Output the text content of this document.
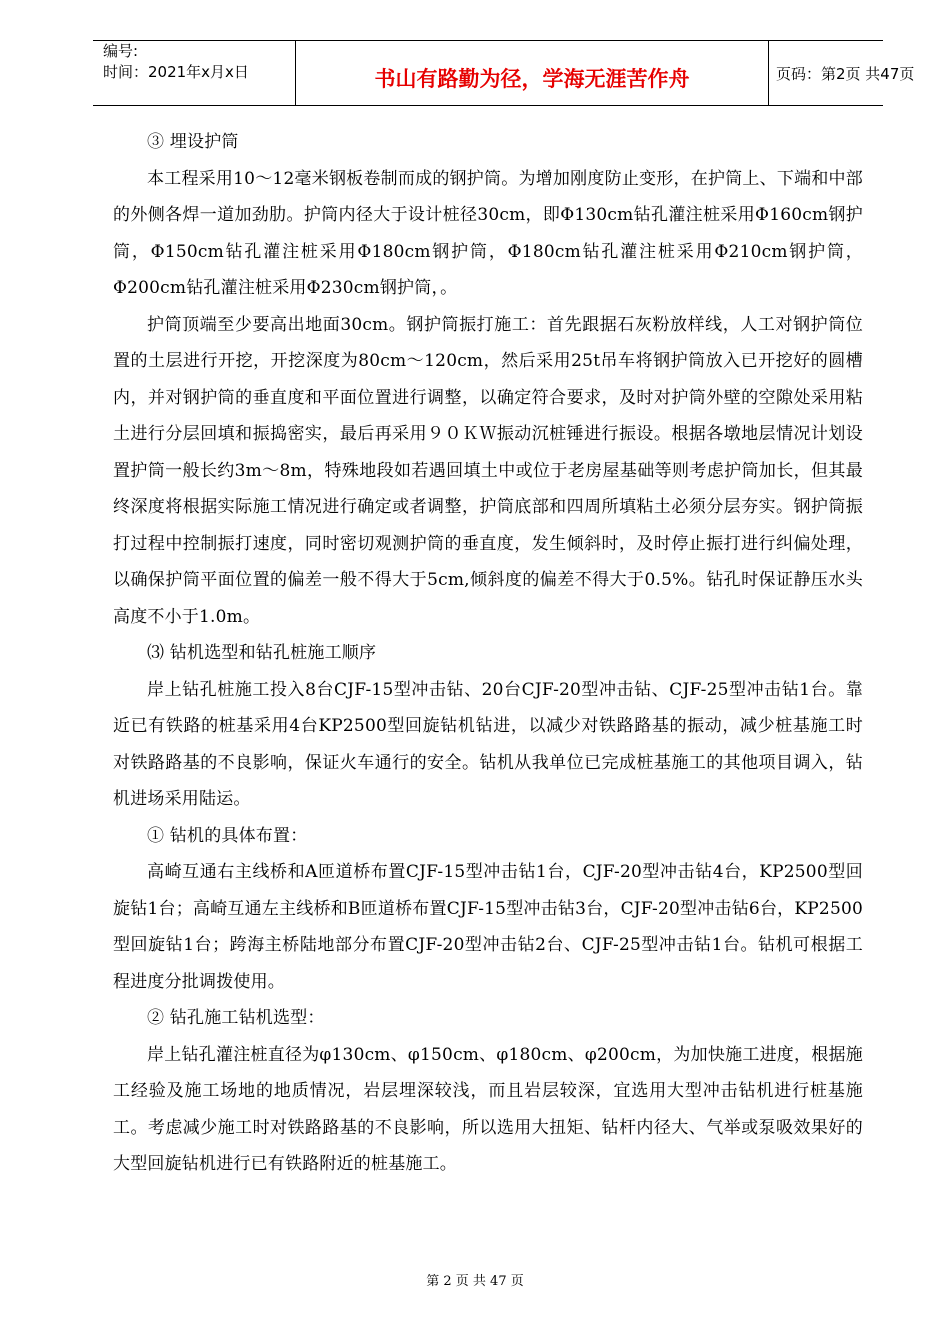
编号:
时间：2021年x月x日	书山有路勤为径，学海无涯苦作舟	页码：第2页 共47页

③ 埋设护筒

本工程采用10～12毫米钢板卷制而成的钢护筒。为增加刚度防止变形，在护筒上、下端和中部的外侧各焊一道加劲肋。护筒内径大于设计桩径30cm，即Φ130cm钻孔灌注桩采用Φ160cm钢护筒，Φ150cm钻孔灌注桩采用Φ180cm钢护筒，Φ180cm钻孔灌注桩采用Φ210cm钢护筒，Φ200cm钻孔灌注桩采用Φ230cm钢护筒，。

护筒顶端至少要高出地面30cm。钢护筒振打施工：首先跟据石灰粉放样线，人工对钢护筒位置的土层进行开挖，开挖深度为80cm～120cm，然后采用25t吊车将钢护筒放入已开挖好的圆槽内，并对钢护筒的垂直度和平面位置进行调整，以确定符合要求，及时对护筒外壁的空隙处采用粘土进行分层回填和振捣密实，最后再采用９０ＫＷ振动沉桩锤进行振设。根据各墩地层情况计划设置护筒一般长约3m～8m，特殊地段如若遇回填土中或位于老房屋基础等则考虑护筒加长，但其最终深度将根据实际施工情况进行确定或者调整，护筒底部和四周所填粘土必须分层夯实。钢护筒振打过程中控制振打速度，同时密切观测护筒的垂直度，发生倾斜时，及时停止振打进行纠偏处理，以确保护筒平面位置的偏差一般不得大于5cm,倾斜度的偏差不得大于0.5%。钻孔时保证静压水头高度不小于1.0m。

⑶ 钻机选型和钻孔桩施工顺序

岸上钻孔桩施工投入8台CJF-15型冲击钻、20台CJF-20型冲击钻、CJF-25型冲击钻1台。靠近已有铁路的桩基采用4台KP2500型回旋钻机钻进，以减少对铁路路基的振动，减少桩基施工时对铁路路基的不良影响，保证火车通行的安全。钻机从我单位已完成桩基施工的其他项目调入，钻机进场采用陆运。

① 钻机的具体布置：

高崎互通右主线桥和A匝道桥布置CJF-15型冲击钻1台，CJF-20型冲击钻4台，KP2500型回旋钻1台；高崎互通左主线桥和B匝道桥布置CJF-15型冲击钻3台，CJF-20型冲击钻6台，KP2500型回旋钻1台；跨海主桥陆地部分布置CJF-20型冲击钻2台、CJF-25型冲击钻1台。钻机可根据工程进度分批调拨使用。

② 钻孔施工钻机选型：

岸上钻孔灌注桩直径为φ130cm、φ150cm、φ180cm、φ200cm，为加快施工进度，根据施工经验及施工场地的地质情况，岩层埋深较浅，而且岩层较深，宜选用大型冲击钻机进行桩基施工。考虑减少施工时对铁路路基的不良影响，所以选用大扭矩、钻杆内径大、气举或泵吸效果好的大型回旋钻机进行已有铁路附近的桩基施工。

第 2 页 共 47 页
